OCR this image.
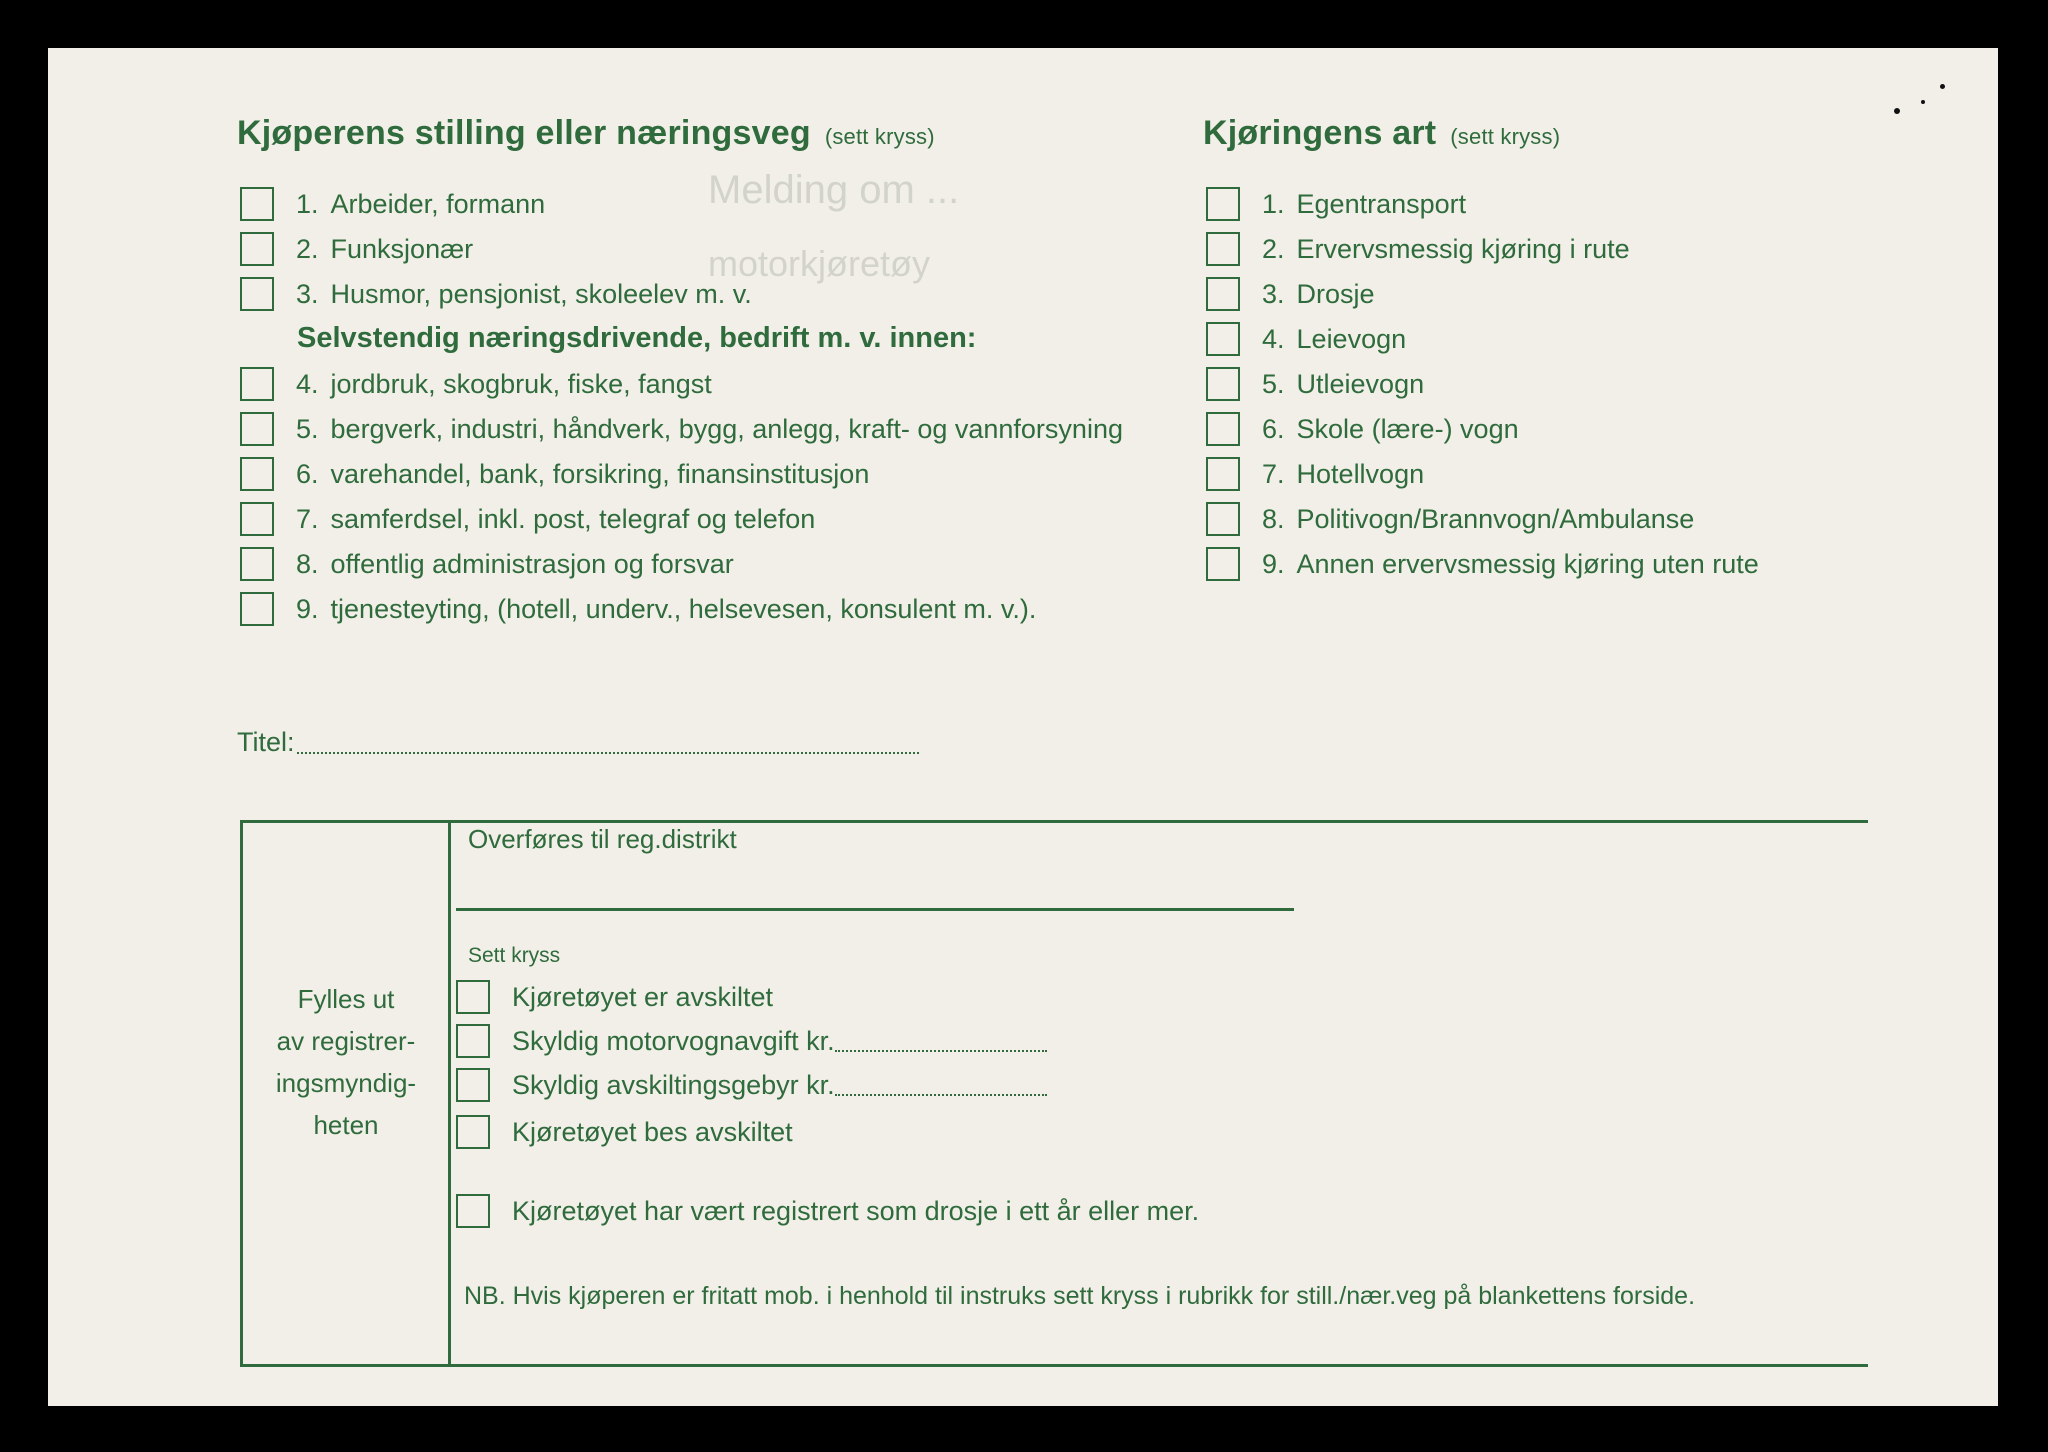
Melding om ...
motorkjøretøy
Kjøperens stilling eller næringsveg (sett kryss)
1. Arbeider, formann
2. Funksjonær
3. Husmor, pensjonist, skoleelev m. v.
Selvstendig næringsdrivende, bedrift m. v. innen:
4. jordbruk, skogbruk, fiske, fangst
5. bergverk, industri, håndverk, bygg, anlegg, kraft- og vannforsyning
6. varehandel, bank, forsikring, finansinstitusjon
7. samferdsel, inkl. post, telegraf og telefon
8. offentlig administrasjon og forsvar
9. tjenesteyting, (hotell, underv., helsevesen, konsulent m. v.).
Kjøringens art (sett kryss)
1. Egentransport
2. Ervervsmessig kjøring i rute
3. Drosje
4. Leievogn
5. Utleievogn
6. Skole (lære-) vogn
7. Hotellvogn
8. Politivogn/Brannvogn/Ambulanse
9. Annen ervervsmessig kjøring uten rute
Titel:
Fylles ut
av registrer-
ingsmyndig-
heten
Overføres til reg.distrikt
Sett kryss
Kjøretøyet er avskiltet
Skyldig motorvognavgift kr.
Skyldig avskiltingsgebyr kr.
Kjøretøyet bes avskiltet
Kjøretøyet har vært registrert som drosje i ett år eller mer.
NB. Hvis kjøperen er fritatt mob. i henhold til instruks sett kryss i rubrikk for still./nær.veg på blankettens forside.
